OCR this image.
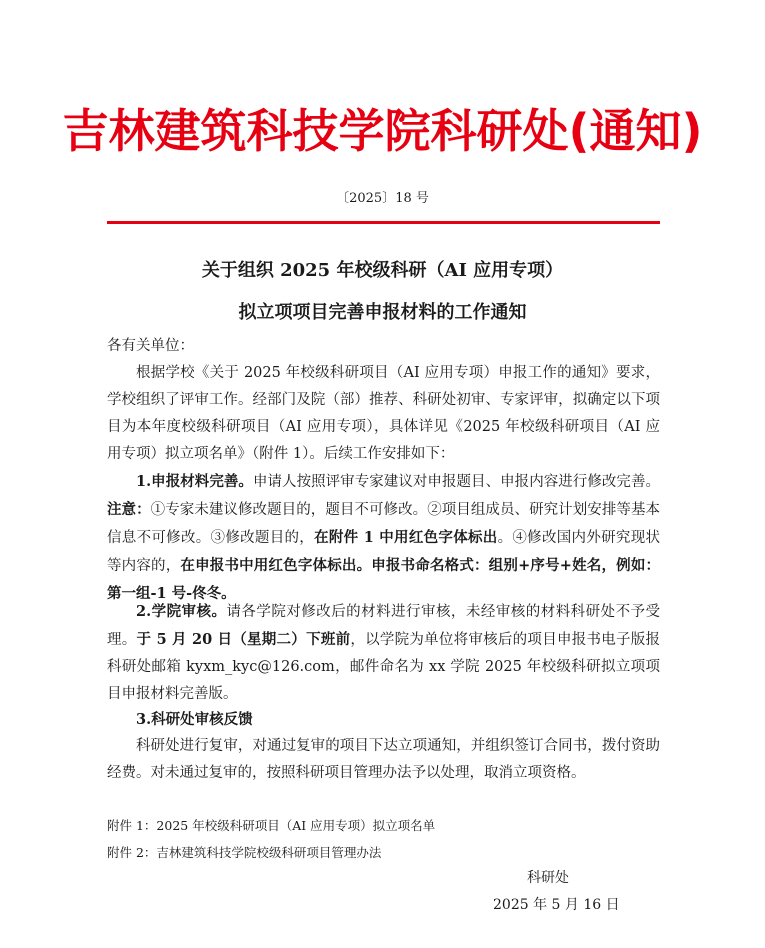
吉林建筑科技学院科研处(通知)
〔2025〕18 号
关于组织 2025 年校级科研（AI 应用专项）
拟立项项目完善申报材料的工作通知
各有关单位：
根据学校《关于 2025 年校级科研项目（AI 应用专项）申报工作的通知》要求，学校组织了评审工作。经部门及院（部）推荐、科研处初审、专家评审，拟确定以下项目为本年度校级科研项目（AI 应用专项），具体详见《2025 年校级科研项目（AI 应用专项）拟立项名单》（附件 1）。后续工作安排如下：
1.申报材料完善。申请人按照评审专家建议对申报题目、申报内容进行修改完善。注意：①专家未建议修改题目的，题目不可修改。②项目组成员、研究计划安排等基本信息不可修改。③修改题目的，在附件 1 中用红色字体标出。④修改国内外研究现状等内容的，在申报书中用红色字体标出。申报书命名格式：组别+序号+姓名，例如：第一组-1 号-佟冬。
2.学院审核。请各学院对修改后的材料进行审核，未经审核的材料科研处不予受理。于 5 月 20 日（星期二）下班前，以学院为单位将审核后的项目申报书电子版报科研处邮箱 kyxm_kyc@126.com，邮件命名为 xx 学院 2025 年校级科研拟立项项目申报材料完善版。
3.科研处审核反馈
科研处进行复审，对通过复审的项目下达立项通知，并组织签订合同书，拨付资助经费。对未通过复审的，按照科研项目管理办法予以处理，取消立项资格。
附件 1：2025 年校级科研项目（AI 应用专项）拟立项名单
附件 2：吉林建筑科技学院校级科研项目管理办法
科研处
2025 年 5 月 16 日
